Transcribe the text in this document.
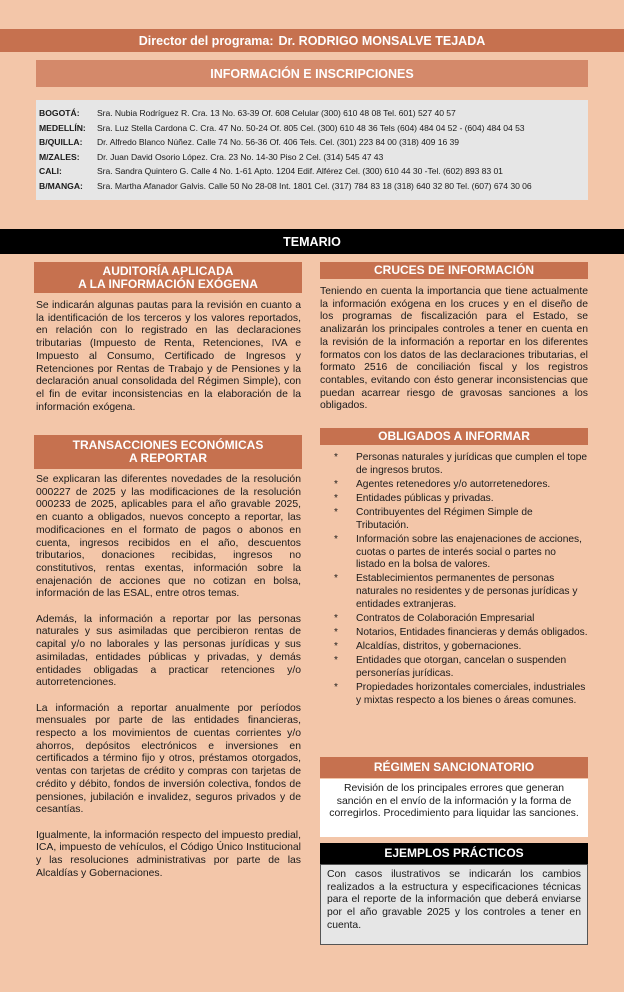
Director del programa: Dr. RODRIGO MONSALVE TEJADA
INFORMACIÓN E INSCRIPCIONES
BOGOTÁ:	Sra. Nubia Rodríguez R. Cra. 13 No. 63-39 Of. 608 Celular (300) 610 48 08 Tel. 601) 527 40 57
MEDELLÍN:	Sra. Luz Stella Cardona C. Cra. 47 No. 50-24 Of. 805 Cel. (300) 610 48 36 Tels (604) 484 04 52 - (604) 484 04 53
B/QUILLA:	Dr. Alfredo Blanco Núñez. Calle 74 No. 56-36 Of. 406 Tels. Cel. (301) 223 84 00 (318) 409 16 39
M/ZALES:	Dr. Juan David Osorio López. Cra. 23 No. 14-30 Piso 2 Cel. (314) 545 47 43
CALI:	Sra. Sandra Quintero G. Calle 4 No. 1-61 Apto. 1204 Edif. Alférez Cel. (300) 610 44 30 -Tel. (602) 893 83 01
B/MANGA:	Sra. Martha Afanador Galvis. Calle 50 No 28-08 Int. 1801 Cel. (317) 784 83 18 (318) 640 32 80 Tel. (607) 674 30 06
TEMARIO
AUDITORÍA APLICADA
A LA INFORMACIÓN EXÓGENA

Se indicarán algunas pautas para la revisión en cuanto a la identificación de los terceros y los valores reportados, en relación con lo registrado en las declaraciones tributarias (Impuesto de Renta, Retenciones, IVA e Impuesto al Consumo, Certificado de Ingresos y Retenciones por Rentas de Trabajo y de Pensiones y la declaración anual consolidada del Régimen Simple), con el fin de evitar inconsistencias en la elaboración de la información exógena.

TRANSACCIONES ECONÓMICAS
A REPORTAR

Se explicaran las diferentes novedades de la resolución 000227 de 2025 y las modificaciones de la resolución 000233 de 2025, aplicables para el año gravable 2025, en cuanto a obligados, nuevos concepto a reportar, las modificaciones en el formato de pagos o abonos en cuenta, ingresos recibidos en el año, descuentos tributarios, donaciones recibidas, ingresos no constitutivos, rentas exentas, información sobre la enajenación de acciones que no cotizan en bolsa, información de las ESAL, entre otros temas.

Además, la información a reportar por las personas naturales y sus asimiladas que percibieron rentas de capital y/o no laborales y las personas jurídicas y sus asimiladas, entidades públicas y privadas, y demás entidades obligadas a practicar retenciones y/o autorretenciones.

La información a reportar anualmente por períodos mensuales por parte de las entidades financieras, respecto a los movimientos de cuentas corrientes y/o ahorros, depósitos electrónicos e inversiones en certificados a término fijo y otros, préstamos otorgados, ventas con tarjetas de crédito y compras con tarjetas de crédito y débito, fondos de inversión colectiva, fondos de pensiones, jubilación e invalidez, seguros privados y de cesantías.

Igualmente, la información respecto del impuesto predial, ICA, impuesto de vehículos, el Código Único Institucional y las resoluciones administrativas por parte de las Alcaldías y Gobernaciones.

CRUCES DE INFORMACIÓN

Teniendo en cuenta la importancia que tiene actualmente la información exógena en los cruces y en el diseño de los programas de fiscalización para el Estado, se analizarán los principales controles a tener en cuenta en la revisión de la información a reportar en los diferentes formatos con los datos de las declaraciones tributarias, el formato 2516 de conciliación fiscal y los registros contables, evitando con ésto generar inconsistencias que puedan acarrear riesgo de gravosas sanciones a los obligados.

OBLIGADOS A INFORMAR
*	Personas naturales y jurídicas que cumplen el tope de ingresos brutos.
*	Agentes retenedores y/o autorretenedores.
*	Entidades públicas y privadas.
*	Contribuyentes del Régimen Simple de Tributación.
*	Información sobre las enajenaciones de acciones, cuotas o partes de interés social o partes no listado en la bolsa de valores.
*	Establecimientos permanentes de personas naturales no residentes y de personas jurídicas y entidades extranjeras.
*	Contratos de Colaboración Empresarial
*	Notarios, Entidades financieras y demás obligados.
*	Alcaldías, distritos, y gobernaciones.
*	Entidades que otorgan, cancelan o suspenden personerías jurídicas.
*	Propiedades horizontales comerciales, industriales y mixtas respecto a los bienes o áreas comunes.
RÉGIMEN SANCIONATORIO

Revisión de los principales errores que generan sanción en el envío de la información y la forma de corregirlos. Procedimiento para liquidar las sanciones.

EJEMPLOS PRÁCTICOS

Con casos ilustrativos se indicarán los cambios realizados a la estructura y especificaciones técnicas para el reporte de la información que deberá enviarse por el año gravable 2025 y los controles a tener en cuenta.
